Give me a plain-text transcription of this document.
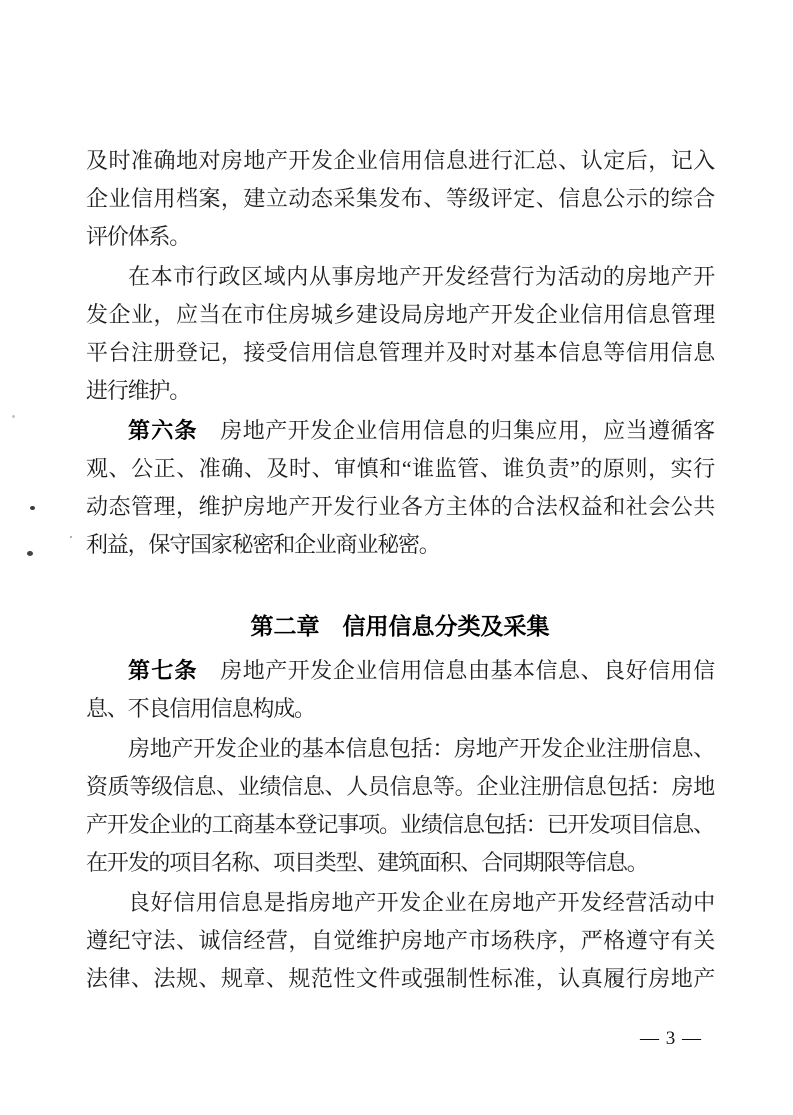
及时准确地对房地产开发企业信用信息进行汇总、认定后，记入
企业信用档案，建立动态采集发布、等级评定、信息公示的综合
评价体系。
在本市行政区域内从事房地产开发经营行为活动的房地产开
发企业，应当在市住房城乡建设局房地产开发企业信用信息管理
平台注册登记，接受信用信息管理并及时对基本信息等信用信息
进行维护。
第六条　房地产开发企业信用信息的归集应用，应当遵循客
观、公正、准确、及时、审慎和“谁监管、谁负责”的原则，实行
动态管理，维护房地产开发行业各方主体的合法权益和社会公共
利益，保守国家秘密和企业商业秘密。
第二章　信用信息分类及采集
第七条　房地产开发企业信用信息由基本信息、良好信用信
息、不良信用信息构成。
房地产开发企业的基本信息包括：房地产开发企业注册信息、
资质等级信息、业绩信息、人员信息等。企业注册信息包括：房地
产开发企业的工商基本登记事项。业绩信息包括：已开发项目信息、
在开发的项目名称、项目类型、建筑面积、合同期限等信息。
良好信用信息是指房地产开发企业在房地产开发经营活动中
遵纪守法、诚信经营，自觉维护房地产市场秩序，严格遵守有关
法律、法规、规章、规范性文件或强制性标准，认真履行房地产
— 3 —
